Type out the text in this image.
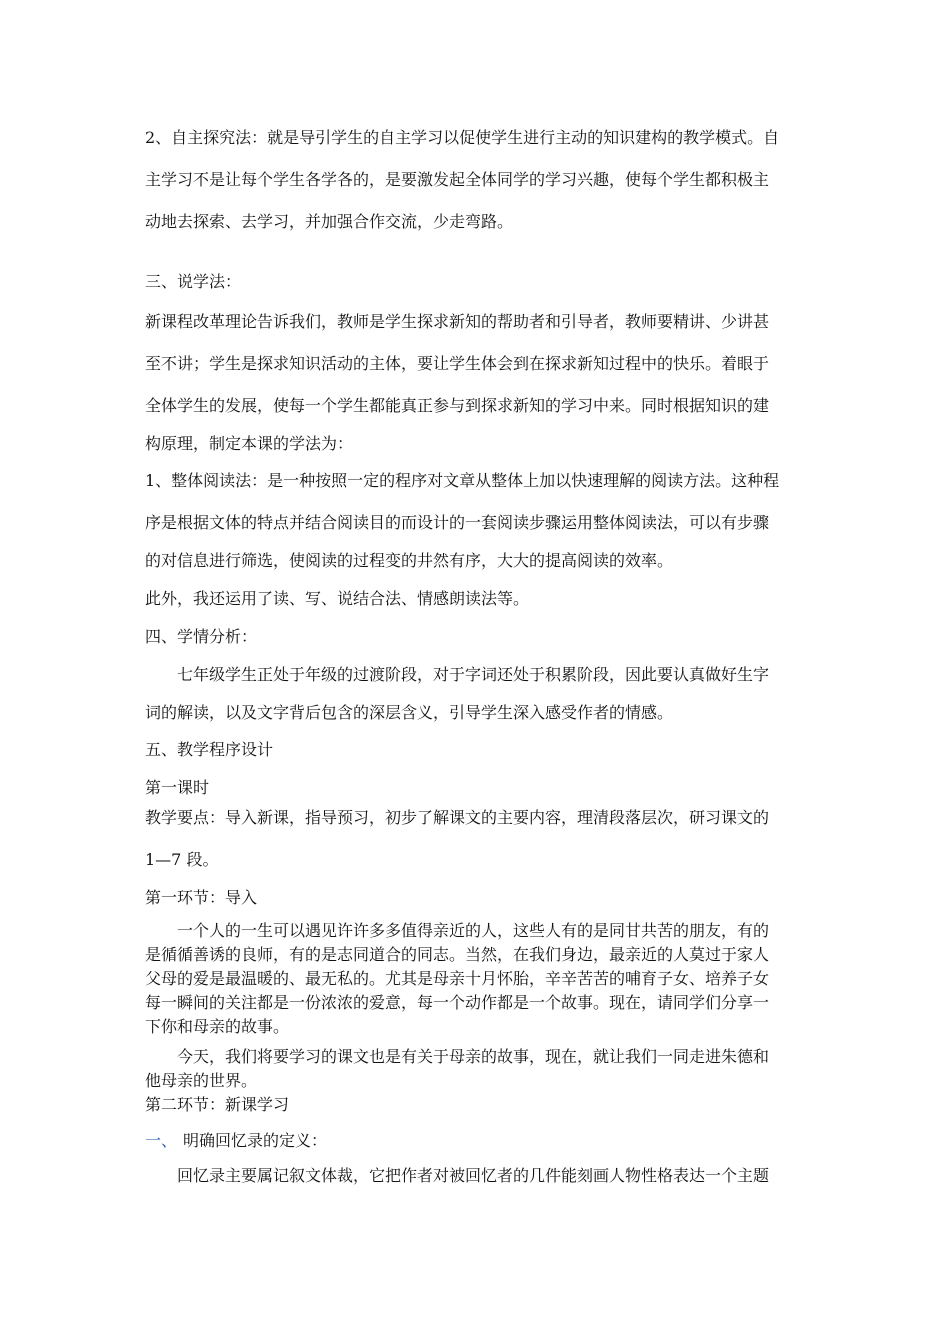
2、自主探究法：就是导引学生的自主学习以促使学生进行主动的知识建构的教学模式。自
主学习不是让每个学生各学各的，是要激发起全体同学的学习兴趣，使每个学生都积极主
动地去探索、去学习，并加强合作交流，少走弯路。
三、说学法：
新课程改革理论告诉我们，教师是学生探求新知的帮助者和引导者，教师要精讲、少讲甚
至不讲；学生是探求知识活动的主体，要让学生体会到在探求新知过程中的快乐。着眼于
全体学生的发展，使每一个学生都能真正参与到探求新知的学习中来。同时根据知识的建
构原理，制定本课的学法为：
1、整体阅读法：是一种按照一定的程序对文章从整体上加以快速理解的阅读方法。这种程
序是根据文体的特点并结合阅读目的而设计的一套阅读步骤运用整体阅读法，可以有步骤
的对信息进行筛选，使阅读的过程变的井然有序，大大的提高阅读的效率。
此外，我还运用了读、写、说结合法、情感朗读法等。
四、学情分析：
七年级学生正处于年级的过渡阶段，对于字词还处于积累阶段，因此要认真做好生字
词的解读，以及文字背后包含的深层含义，引导学生深入感受作者的情感。
五、教学程序设计
第一课时
教学要点：导入新课，指导预习，初步了解课文的主要内容，理清段落层次，研习课文的
1—7 段。
第一环节：导入
一个人的一生可以遇见许许多多值得亲近的人，这些人有的是同甘共苦的朋友，有的
是循循善诱的良师，有的是志同道合的同志。当然，在我们身边，最亲近的人莫过于家人
父母的爱是最温暖的、最无私的。尤其是母亲十月怀胎，辛辛苦苦的哺育子女、培养子女
每一瞬间的关注都是一份浓浓的爱意，每一个动作都是一个故事。现在，请同学们分享一
下你和母亲的故事。
今天，我们将要学习的课文也是有关于母亲的故事，现在，就让我们一同走进朱德和
他母亲的世界。
第二环节：新课学习
一、 明确回忆录的定义：
回忆录主要属记叙文体裁，它把作者对被回忆者的几件能刻画人物性格表达一个主题
